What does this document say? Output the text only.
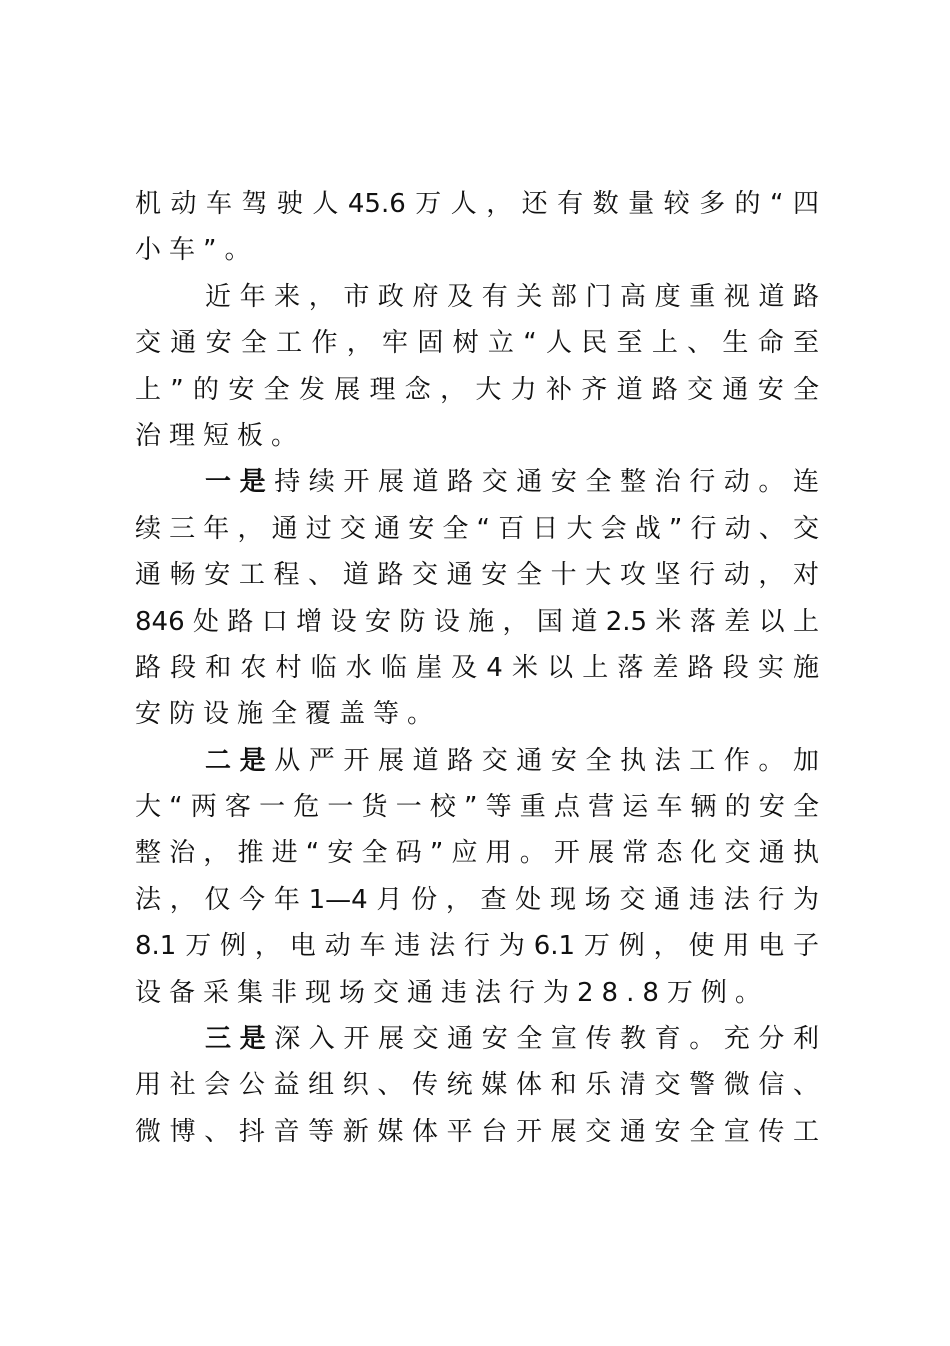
机动车驾驶人45.6万人，还有数量较多的“四
小车”。
近年来，市政府及有关部门高度重视道路
交通安全工作，牢固树立“人民至上、生命至
上”的安全发展理念，大力补齐道路交通安全
治理短板。
一是持续开展道路交通安全整治行动。连
续三年，通过交通安全“百日大会战”行动、交
通畅安工程、道路交通安全十大攻坚行动，对
846处路口增设安防设施，国道2.5米落差以上
路段和农村临水临崖及4米以上落差路段实施
安防设施全覆盖等。
二是从严开展道路交通安全执法工作。加
大“两客一危一货一校”等重点营运车辆的安全
整治，推进“安全码”应用。开展常态化交通执
法，仅今年1—4月份，查处现场交通违法行为
8.1万例，电动车违法行为6.1万例，使用电子
设备采集非现场交通违法行为28.8万例。
三是深入开展交通安全宣传教育。充分利
用社会公益组织、传统媒体和乐清交警微信、
微博、抖音等新媒体平台开展交通安全宣传工
